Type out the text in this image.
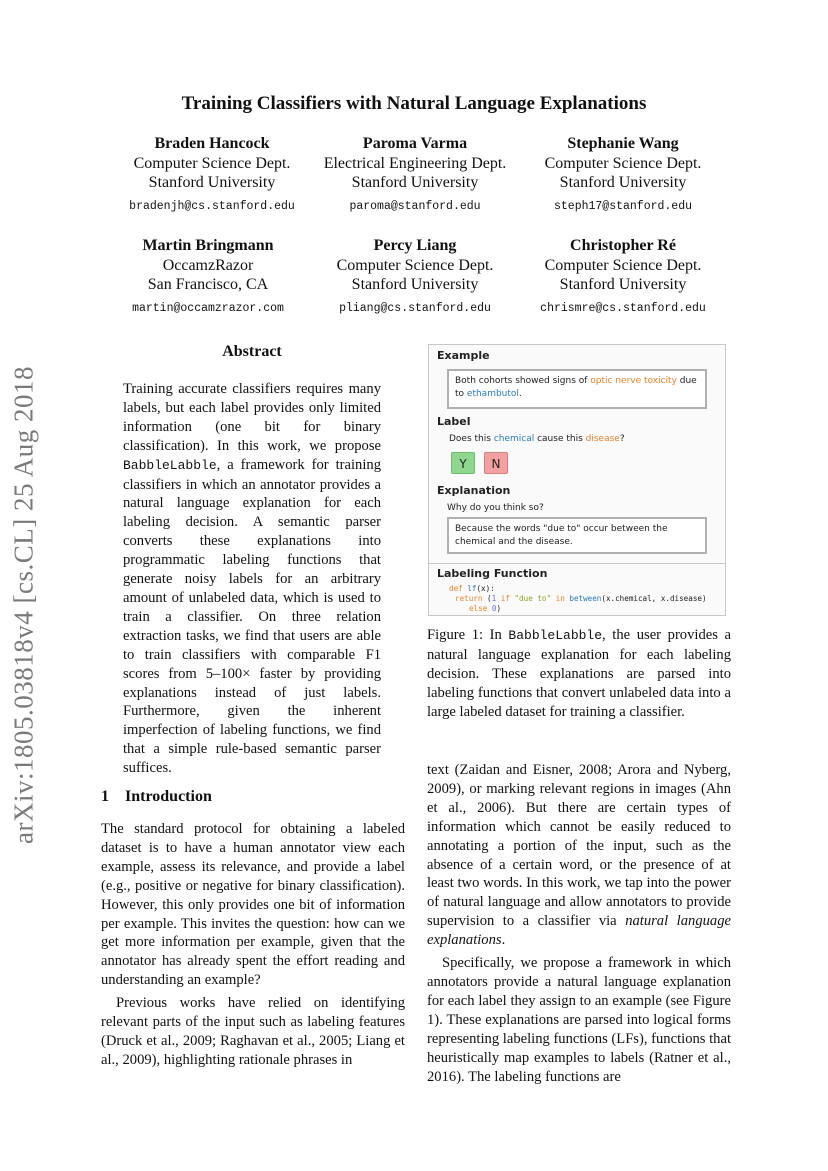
Training Classifiers with Natural Language Explanations
Braden Hancock
Computer Science Dept.
Stanford University
bradenjh@cs.stanford.edu
Paroma Varma
Electrical Engineering Dept.
Stanford University
paroma@stanford.edu
Stephanie Wang
Computer Science Dept.
Stanford University
steph17@stanford.edu
Martin Bringmann
OccamzRazor
San Francisco, CA
martin@occamzrazor.com
Percy Liang
Computer Science Dept.
Stanford University
pliang@cs.stanford.edu
Christopher Ré
Computer Science Dept.
Stanford University
chrismre@cs.stanford.edu
arXiv:1805.03818v4 [cs.CL] 25 Aug 2018
Abstract
Training accurate classifiers requires many labels, but each label provides only limited information (one bit for binary classification). In this work, we propose BabbleLabble, a framework for training classifiers in which an annotator provides a natural language explanation for each labeling decision. A semantic parser converts these explanations into programmatic labeling functions that generate noisy labels for an arbitrary amount of unlabeled data, which is used to train a classifier. On three relation extraction tasks, we find that users are able to train classifiers with comparable F1 scores from 5–100× faster by providing explanations instead of just labels. Furthermore, given the inherent imperfection of labeling functions, we find that a simple rule-based semantic parser suffices.
1 Introduction

The standard protocol for obtaining a labeled dataset is to have a human annotator view each example, assess its relevance, and provide a label (e.g., positive or negative for binary classification). However, this only provides one bit of information per example. This invites the question: how can we get more information per example, given that the annotator has already spent the effort reading and understanding an example?

Previous works have relied on identifying relevant parts of the input such as labeling features (Druck et al., 2009; Raghavan et al., 2005; Liang et al., 2009), highlighting rationale phrases in

Example
Both cohorts showed signs of optic nerve toxicity due to ethambutol.
Label
Does this chemical cause this disease?
Y	N
Explanation
Why do you think so?
Because the words "due to" occur between the chemical and the disease.
Labeling Function
def lf(x):
return (1 if "due to" in between(x.chemical, x.disease)
else 0)
Figure 1: In BabbleLabble, the user provides a natural language explanation for each labeling decision. These explanations are parsed into labeling functions that convert unlabeled data into a large labeled dataset for training a classifier.

text (Zaidan and Eisner, 2008; Arora and Nyberg, 2009), or marking relevant regions in images (Ahn et al., 2006). But there are certain types of information which cannot be easily reduced to annotating a portion of the input, such as the absence of a certain word, or the presence of at least two words. In this work, we tap into the power of natural language and allow annotators to provide supervision to a classifier via natural language explanations.

Specifically, we propose a framework in which annotators provide a natural language explanation for each label they assign to an example (see Figure 1). These explanations are parsed into logical forms representing labeling functions (LFs), functions that heuristically map examples to labels (Ratner et al., 2016). The labeling functions are
